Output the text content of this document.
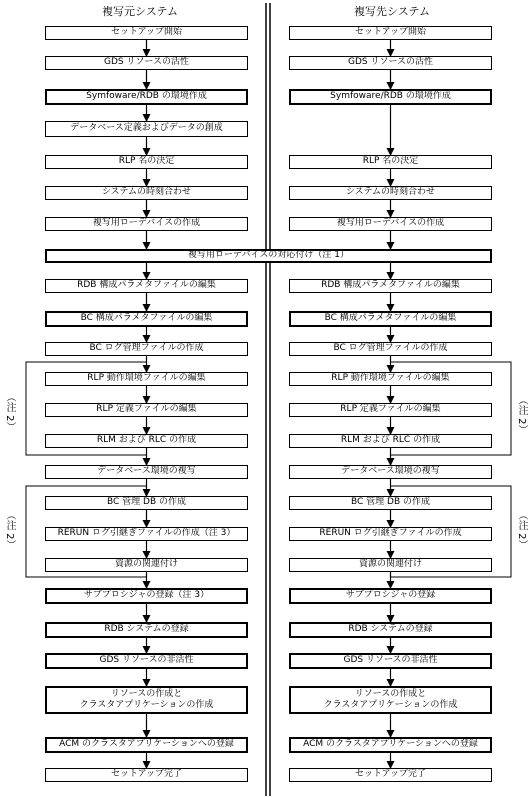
複写元システム	複写先システム
（注 2）	（注 2）
（注 2）	（注 2）
セットアップ開始	セットアップ開始
GDS リソースの活性	GDS リソースの活性
Symfoware/RDB の環境作成	Symfoware/RDB の環境作成
データベース定義およびデータの創成
RLP 名の決定	RLP 名の決定
システムの時刻合わせ	システムの時刻合わせ
複写用ローデバイスの作成	複写用ローデバイスの作成
複写用ローデバイスの対応付け（注 1）
RDB 構成パラメタファイルの編集	RDB 構成パラメタファイルの編集
BC 構成パラメタファイルの編集	BC 構成パラメタファイルの編集
BC ログ管理ファイルの作成	BC ログ管理ファイルの作成
RLP 動作環境ファイルの編集	RLP 動作環境ファイルの編集
RLP 定義ファイルの編集	RLP 定義ファイルの編集
RLM および RLC の作成	RLM および RLC の作成
データベース環境の複写	データベース環境の複写
BC 管理 DB の作成	BC 管理 DB の作成
RERUN ログ引継ぎファイルの作成（注 3）	RERUN ログ引継ぎファイルの作成
資源の関連付け	資源の関連付け
サブプロシジャの登録（注 3）	サブプロシジャの登録
RDB システムの登録	RDB システムの登録
GDS リソースの非活性	GDS リソースの非活性
リソースの作成と
クラスタアプリケーションの作成
リソースの作成と
クラスタアプリケーションの作成
ACM のクラスタアプリケーションへの登録	ACM のクラスタアプリケーションへの登録
セットアップ完了	セットアップ完了
